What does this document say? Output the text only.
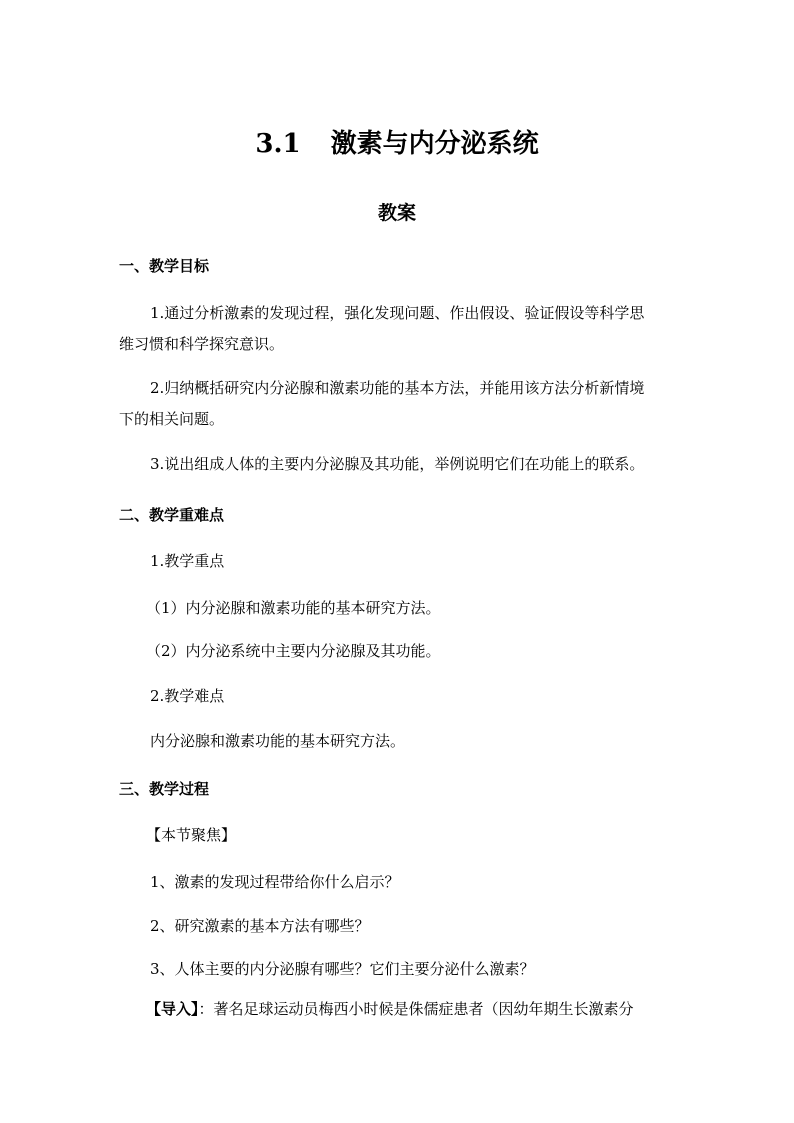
3.1 激素与内分泌系统
教案
一、教学目标
1.通过分析激素的发现过程，强化发现问题、作出假设、验证假设等科学思
维习惯和科学探究意识。
2.归纳概括研究内分泌腺和激素功能的基本方法，并能用该方法分析新情境
下的相关问题。
3.说出组成人体的主要内分泌腺及其功能，举例说明它们在功能上的联系。
二、教学重难点
1.教学重点
（1）内分泌腺和激素功能的基本研究方法。
（2）内分泌系统中主要内分泌腺及其功能。
2.教学难点
内分泌腺和激素功能的基本研究方法。
三、教学过程
【本节聚焦】
1、激素的发现过程带给你什么启示？
2、研究激素的基本方法有哪些？
3、人体主要的内分泌腺有哪些？它们主要分泌什么激素？
【导入】：著名足球运动员梅西小时候是侏儒症患者（因幼年期生长激素分
